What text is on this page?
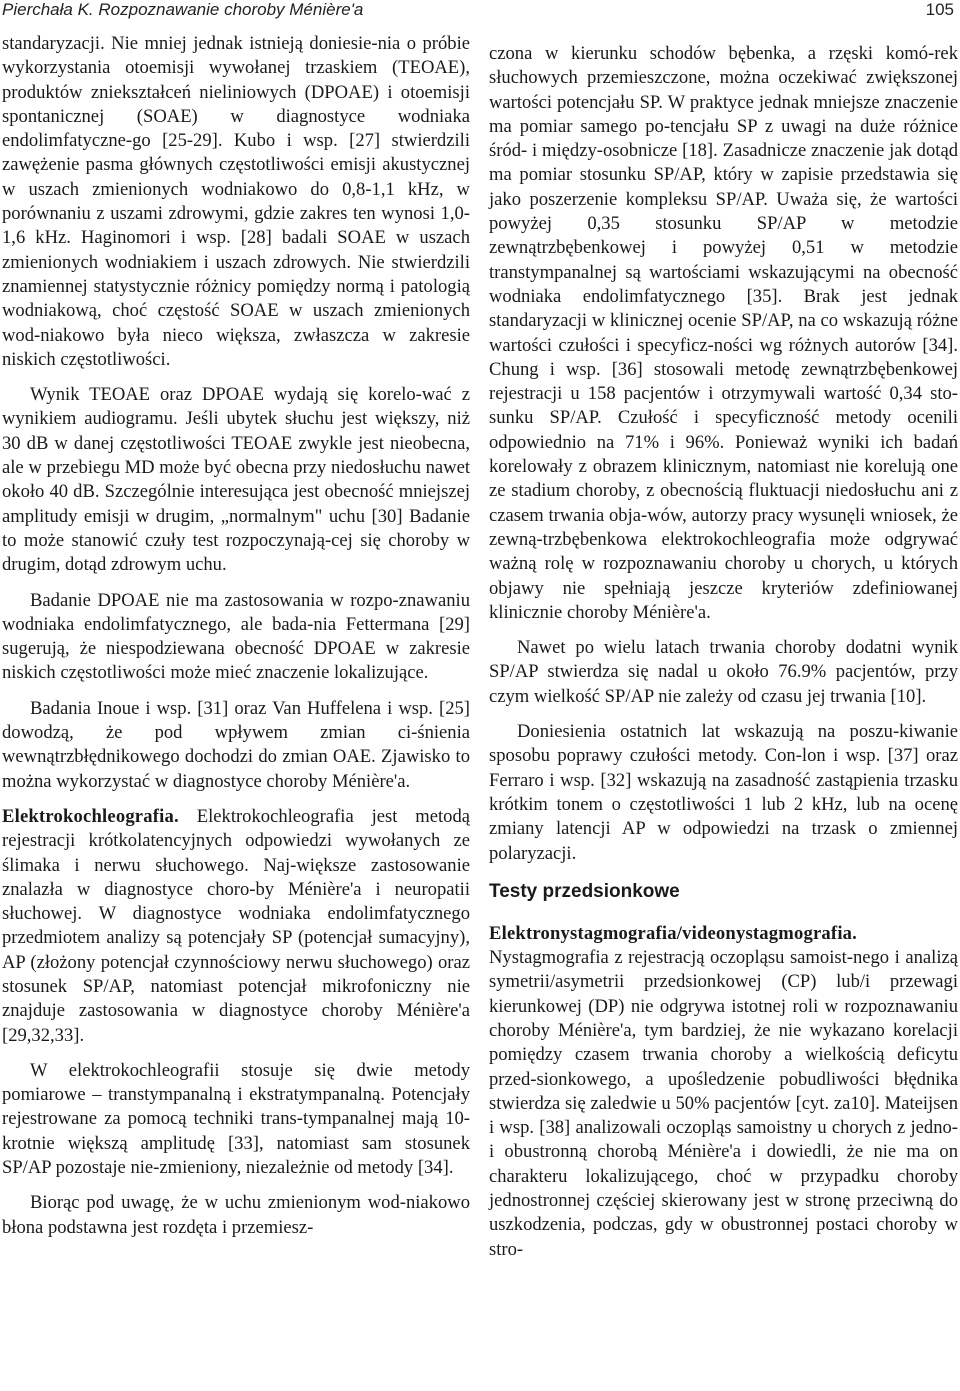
Pierchała K. Rozpoznawanie choroby Ménière'a	105

standaryzacji. Nie mniej jednak istnieją doniesie-nia o próbie wykorzystania otoemisji wywołanej trzaskiem (TEOAE), produktów zniekształceń nieliniowych (DPOAE) i otoemisji spontanicznej (SOAE) w diagnostyce wodniaka endolimfatyczne-go [25-29]. Kubo i wsp. [27] stwierdzili zawężenie pasma głównych częstotliwości emisji akustycznej w uszach zmienionych wodniakowo do 0,8-1,1 kHz, w porównaniu z uszami zdrowymi, gdzie zakres ten wynosi 1,0-1,6 kHz. Haginomori i wsp. [28] badali SOAE w uszach zmienionych wodniakiem i uszach zdrowych. Nie stwierdzili znamiennej statystycznie różnicy pomiędzy normą i patologią wodniakową, choć częstość SOAE w uszach zmienionych wod-niakowo była nieco większa, zwłaszcza w zakresie niskich częstotliwości.

Wynik TEOAE oraz DPOAE wydają się korelo-wać z wynikiem audiogramu. Jeśli ubytek słuchu jest większy, niż 30 dB w danej częstotliwości TEOAE zwykle jest nieobecna, ale w przebiegu MD może być obecna przy niedosłuchu nawet około 40 dB. Szczególnie interesująca jest obecność mniejszej amplitudy emisji w drugim, „normalnym" uchu [30] Badanie to może stanowić czuły test rozpoczynają-cej się choroby w drugim, dotąd zdrowym uchu.

Badanie DPOAE nie ma zastosowania w rozpo-znawaniu wodniaka endolimfatycznego, ale bada-nia Fettermana [29] sugerują, że niespodziewana obecność DPOAE w zakresie niskich częstotliwości może mieć znaczenie lokalizujące.

Badania Inoue i wsp. [31] oraz Van Huffelena i wsp. [25] dowodzą, że pod wpływem zmian ci-śnienia wewnątrzbłędnikowego dochodzi do zmian OAE. Zjawisko to można wykorzystać w diagnostyce choroby Ménière'a.

Elektrokochleografia. Elektrokochleografia jest metodą rejestracji krótkolatencyjnych odpowiedzi wywołanych ze ślimaka i nerwu słuchowego. Naj-większe zastosowanie znalazła w diagnostyce choro-by Ménière'a i neuropatii słuchowej. W diagnostyce wodniaka endolimfatycznego przedmiotem analizy są potencjały SP (potencjał sumacyjny), AP (złożony potencjał czynnościowy nerwu słuchowego) oraz stosunek SP/AP, natomiast potencjał mikrofoniczny nie znajduje zastosowania w diagnostyce choroby Ménière'a [29,32,33].

W elektrokochleografii stosuje się dwie metody pomiarowe – transtympanalną i ekstratympanalną. Potencjały rejestrowane za pomocą techniki trans-tympanalnej mają 10-krotnie większą amplitudę [33], natomiast sam stosunek SP/AP pozostaje nie-zmieniony, niezależnie od metody [34].

Biorąc pod uwagę, że w uchu zmienionym wod-niakowo błona podstawna jest rozdęta i przemiesz-

czona w kierunku schodów bębenka, a rzęski komó-rek słuchowych przemieszczone, można oczekiwać zwiększonej wartości potencjału SP. W praktyce jednak mniejsze znaczenie ma pomiar samego po-tencjału SP z uwagi na duże różnice śród- i między-osobnicze [18]. Zasadnicze znaczenie jak dotąd ma pomiar stosunku SP/AP, który w zapisie przedstawia się jako poszerzenie kompleksu SP/AP. Uważa się, że wartości powyżej 0,35 stosunku SP/AP w metodzie zewnątrzbębenkowej i powyżej 0,51 w metodzie transtympanalnej są wartościami wskazującymi na obecność wodniaka endolimfatycznego [35]. Brak jest jednak standaryzacji w klinicznej ocenie SP/AP, na co wskazują różne wartości czułości i specyficz-ności wg różnych autorów [34]. Chung i wsp. [36] stosowali metodę zewnątrzbębenkowej rejestracji u 158 pacjentów i otrzymywali wartość 0,34 sto-sunku SP/AP. Czułość i specyficzność metody ocenili odpowiednio na 71% i 96%. Ponieważ wyniki ich badań korelowały z obrazem klinicznym, natomiast nie korelują one ze stadium choroby, z obecnością fluktuacji niedosłuchu ani z czasem trwania obja-wów, autorzy pracy wysunęli wniosek, że zewną-trzbębenkowa elektrokochleografia może odgrywać ważną rolę w rozpoznawaniu choroby u chorych, u których objawy nie spełniają jeszcze kryteriów zdefiniowanej klinicznie choroby Ménière'a.

Nawet po wielu latach trwania choroby dodatni wynik SP/AP stwierdza się nadal u około 76.9% pacjentów, przy czym wielkość SP/AP nie zależy od czasu jej trwania [10].

Doniesienia ostatnich lat wskazują na poszu-kiwanie sposobu poprawy czułości metody. Con-lon i wsp. [37] oraz Ferraro i wsp. [32] wskazują na zasadność zastąpienia trzasku krótkim tonem o częstotliwości 1 lub 2 kHz, lub na ocenę zmiany latencji AP w odpowiedzi na trzask o zmiennej polaryzacji.

Testy przedsionkowe

Elektronystagmografia/videonystagmografia. Nystagmografia z rejestracją oczopląsu samoist-nego i analizą symetrii/asymetrii przedsionkowej (CP) lub/i przewagi kierunkowej (DP) nie odgrywa istotnej roli w rozpoznawaniu choroby Ménière'a, tym bardziej, że nie wykazano korelacji pomiędzy czasem trwania choroby a wielkością deficytu przed-sionkowego, a upośledzenie pobudliwości błędnika stwierdza się zaledwie u 50% pacjentów [cyt. za10]. Mateijsen i wsp. [38] analizowali oczopląs samoistny u chorych z jedno- i obustronną chorobą Ménière'a i dowiedli, że nie ma on charakteru lokalizującego, choć w przypadku choroby jednostronnej częściej skierowany jest w stronę przeciwną do uszkodzenia, podczas, gdy w obustronnej postaci choroby w stro-
